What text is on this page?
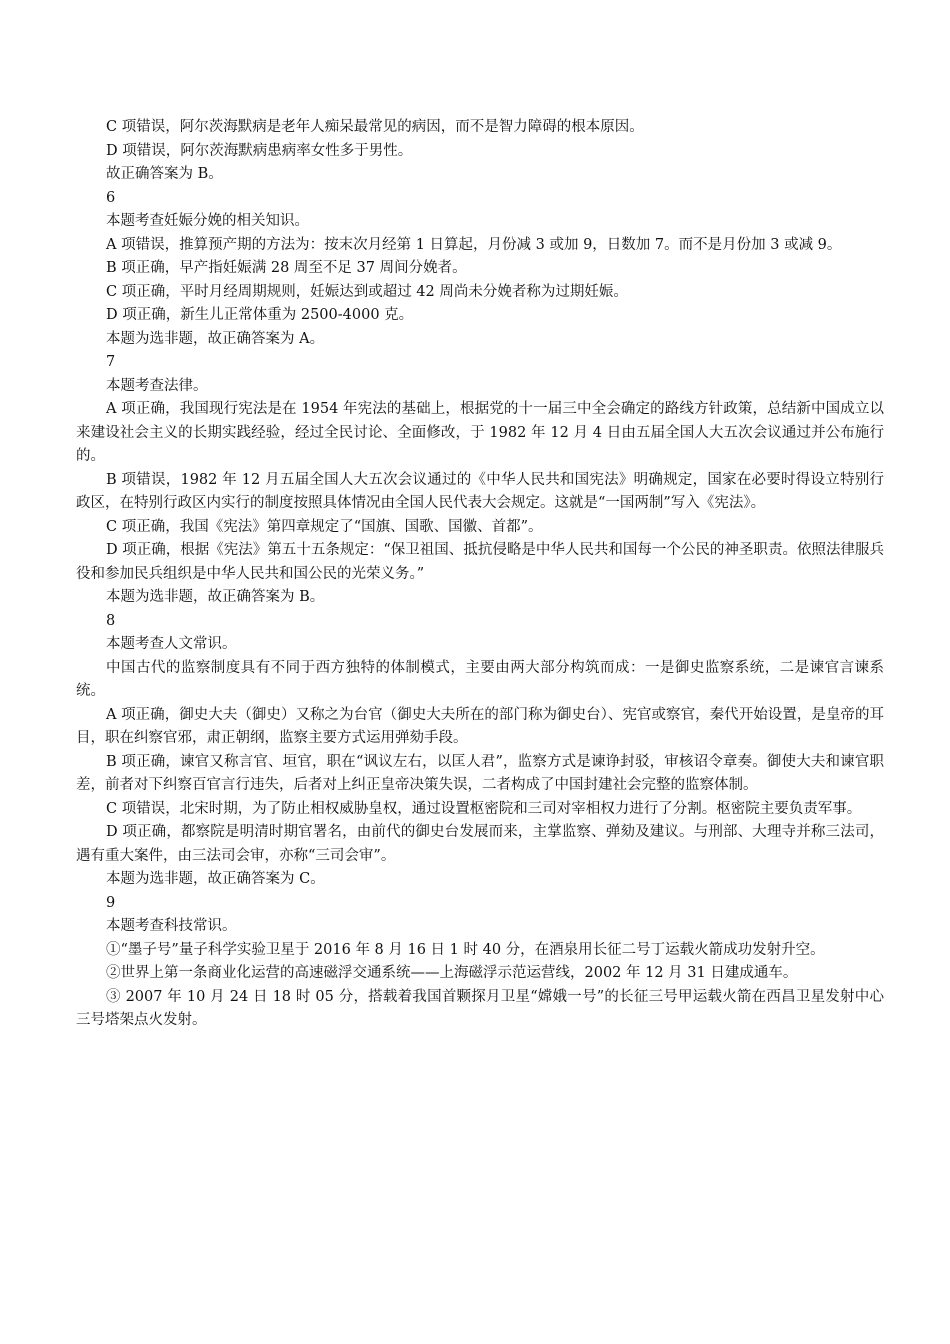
C 项错误，阿尔茨海默病是老年人痴呆最常见的病因，而不是智力障碍的根本原因。

D 项错误，阿尔茨海默病患病率女性多于男性。

故正确答案为 B。

6

本题考查妊娠分娩的相关知识。

A 项错误，推算预产期的方法为：按末次月经第 1 日算起，月份减 3 或加 9，日数加 7。而不是月份加 3 或减 9。

B 项正确，早产指妊娠满 28 周至不足 37 周间分娩者。

C 项正确，平时月经周期规则，妊娠达到或超过 42 周尚未分娩者称为过期妊娠。

D 项正确，新生儿正常体重为 2500-4000 克。

本题为选非题，故正确答案为 A。

7

本题考查法律。

A 项正确，我国现行宪法是在 1954 年宪法的基础上，根据党的十一届三中全会确定的路线方针政策，总结新中国成立以来建设社会主义的长期实践经验，经过全民讨论、全面修改，于 1982 年 12 月 4 日由五届全国人大五次会议通过并公布施行的。

B 项错误，1982 年 12 月五届全国人大五次会议通过的《中华人民共和国宪法》明确规定，国家在必要时得设立特别行政区，在特别行政区内实行的制度按照具体情况由全国人民代表大会规定。这就是“一国两制”写入《宪法》。

C 项正确，我国《宪法》第四章规定了“国旗、国歌、国徽、首都”。

D 项正确，根据《宪法》第五十五条规定：“保卫祖国、抵抗侵略是中华人民共和国每一个公民的神圣职责。依照法律服兵役和参加民兵组织是中华人民共和国公民的光荣义务。”

本题为选非题，故正确答案为 B。

8

本题考查人文常识。

中国古代的监察制度具有不同于西方独特的体制模式，主要由两大部分构筑而成：一是御史监察系统，二是谏官言谏系统。

A 项正确，御史大夫（御史）又称之为台官（御史大夫所在的部门称为御史台）、宪官或察官，秦代开始设置，是皇帝的耳目，职在纠察官邪，肃正朝纲，监察主要方式运用弹劾手段。

B 项正确，谏官又称言官、垣官，职在“讽议左右，以匡人君”，监察方式是谏诤封驳，审核诏令章奏。御使大夫和谏官职差，前者对下纠察百官言行违失，后者对上纠正皇帝决策失误，二者构成了中国封建社会完整的监察体制。

C 项错误，北宋时期，为了防止相权威胁皇权，通过设置枢密院和三司对宰相权力进行了分割。枢密院主要负责军事。

D 项正确，都察院是明清时期官署名，由前代的御史台发展而来，主掌监察、弹劾及建议。与刑部、大理寺并称三法司，遇有重大案件，由三法司会审，亦称“三司会审”。

本题为选非题，故正确答案为 C。

9

本题考查科技常识。

①“墨子号”量子科学实验卫星于 2016 年 8 月 16 日 1 时 40 分，在酒泉用长征二号丁运载火箭成功发射升空。

②世界上第一条商业化运营的高速磁浮交通系统——上海磁浮示范运营线，2002 年 12 月 31 日建成通车。

③ 2007 年 10 月 24 日 18 时 05 分，搭载着我国首颗探月卫星“嫦娥一号”的长征三号甲运载火箭在西昌卫星发射中心三号塔架点火发射。
